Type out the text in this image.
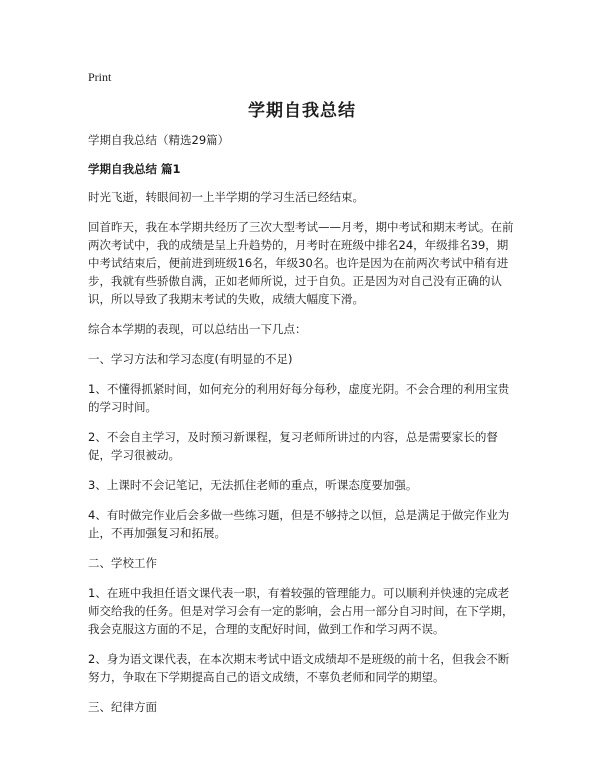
Print
学期自我总结

学期自我总结（精选29篇）

学期自我总结 篇1

时光飞逝，转眼间初一上半学期的学习生活已经结束。

回首昨天，我在本学期共经历了三次大型考试——月考，期中考试和期末考试。在前两次考试中，我的成绩是呈上升趋势的，月考时在班级中排名24，年级排名39，期中考试结束后，便前进到班级16名，年级30名。也许是因为在前两次考试中稍有进步，我就有些骄傲自满，正如老师所说，过于自负。正是因为对自己没有正确的认识，所以导致了我期末考试的失败，成绩大幅度下滑。

综合本学期的表现，可以总结出一下几点：

一、学习方法和学习态度(有明显的不足)

1、不懂得抓紧时间，如何充分的利用好每分每秒，虚度光阴。不会合理的利用宝贵的学习时间。

2、不会自主学习，及时预习新课程，复习老师所讲过的内容，总是需要家长的督促，学习很被动。

3、上课时不会记笔记，无法抓住老师的重点，听课态度要加强。

4、有时做完作业后会多做一些练习题，但是不够持之以恒，总是满足于做完作业为止，不再加强复习和拓展。

二、学校工作

1、在班中我担任语文课代表一职，有着较强的管理能力。可以顺利并快速的完成老师交给我的任务。但是对学习会有一定的影响，会占用一部分自习时间，在下学期，我会克服这方面的不足，合理的支配好时间，做到工作和学习两不误。

2、身为语文课代表，在本次期末考试中语文成绩却不是班级的前十名，但我会不断努力，争取在下学期提高自己的语文成绩，不辜负老师和同学的期望。

三、纪律方面
